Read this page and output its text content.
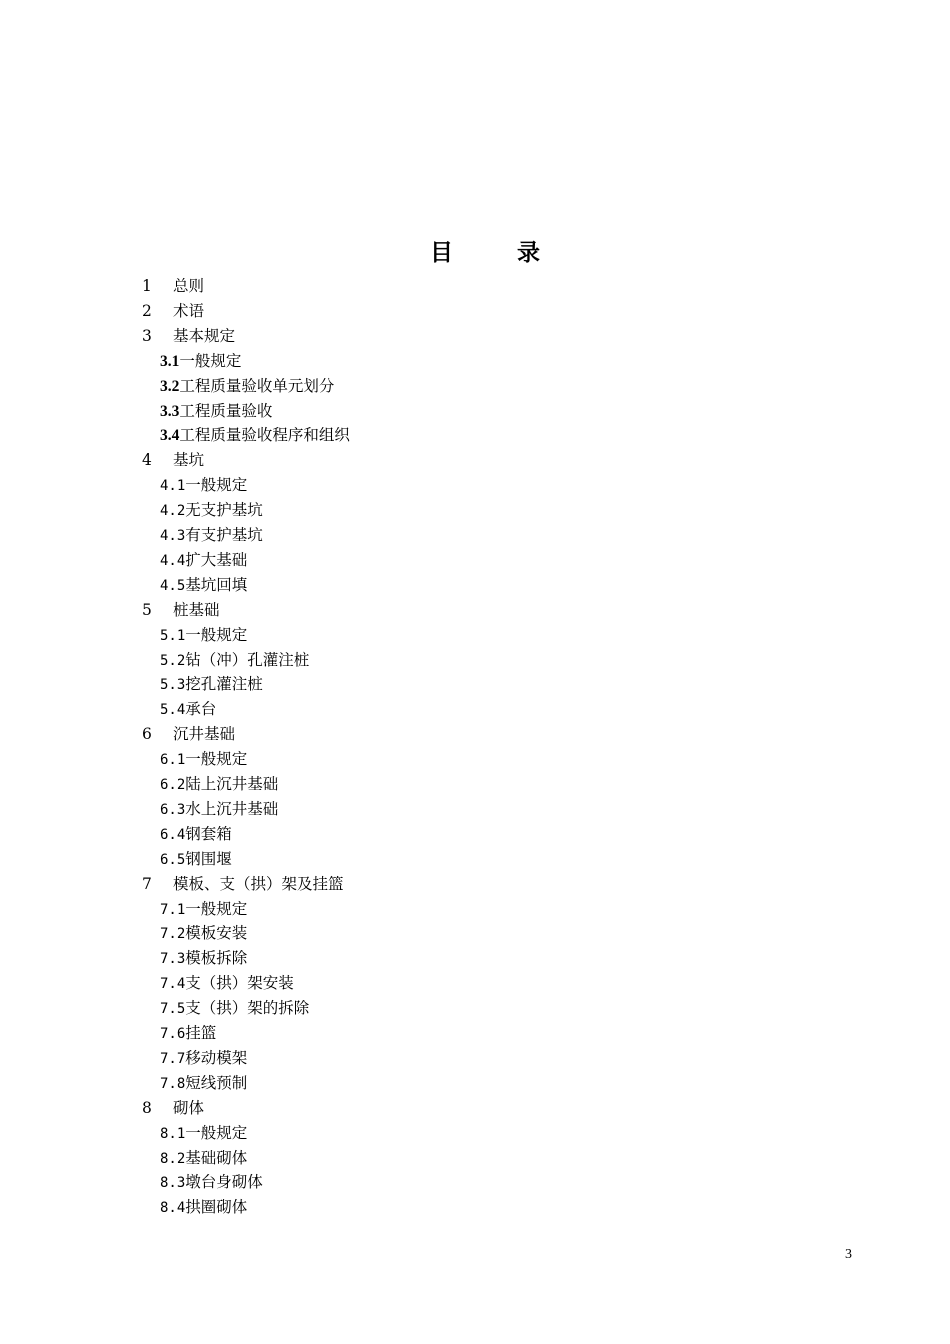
目 录
1 总则
2 术语
3 基本规定
3.1一般规定
3.2工程质量验收单元划分
3.3工程质量验收
3.4工程质量验收程序和组织
4 基坑
4.1一般规定
4.2无支护基坑
4.3有支护基坑
4.4扩大基础
4.5基坑回填
5 桩基础
5.1一般规定
5.2钻（冲）孔灌注桩
5.3挖孔灌注桩
5.4承台
6 沉井基础
6.1一般规定
6.2陆上沉井基础
6.3水上沉井基础
6.4钢套箱
6.5钢围堰
7 模板、支（拱）架及挂篮
7.1一般规定
7.2模板安装
7.3模板拆除
7.4支（拱）架安装
7.5支（拱）架的拆除
7.6挂篮
7.7移动模架
7.8短线预制
8 砌体
8.1一般规定
8.2基础砌体
8.3墩台身砌体
8.4拱圈砌体
3
